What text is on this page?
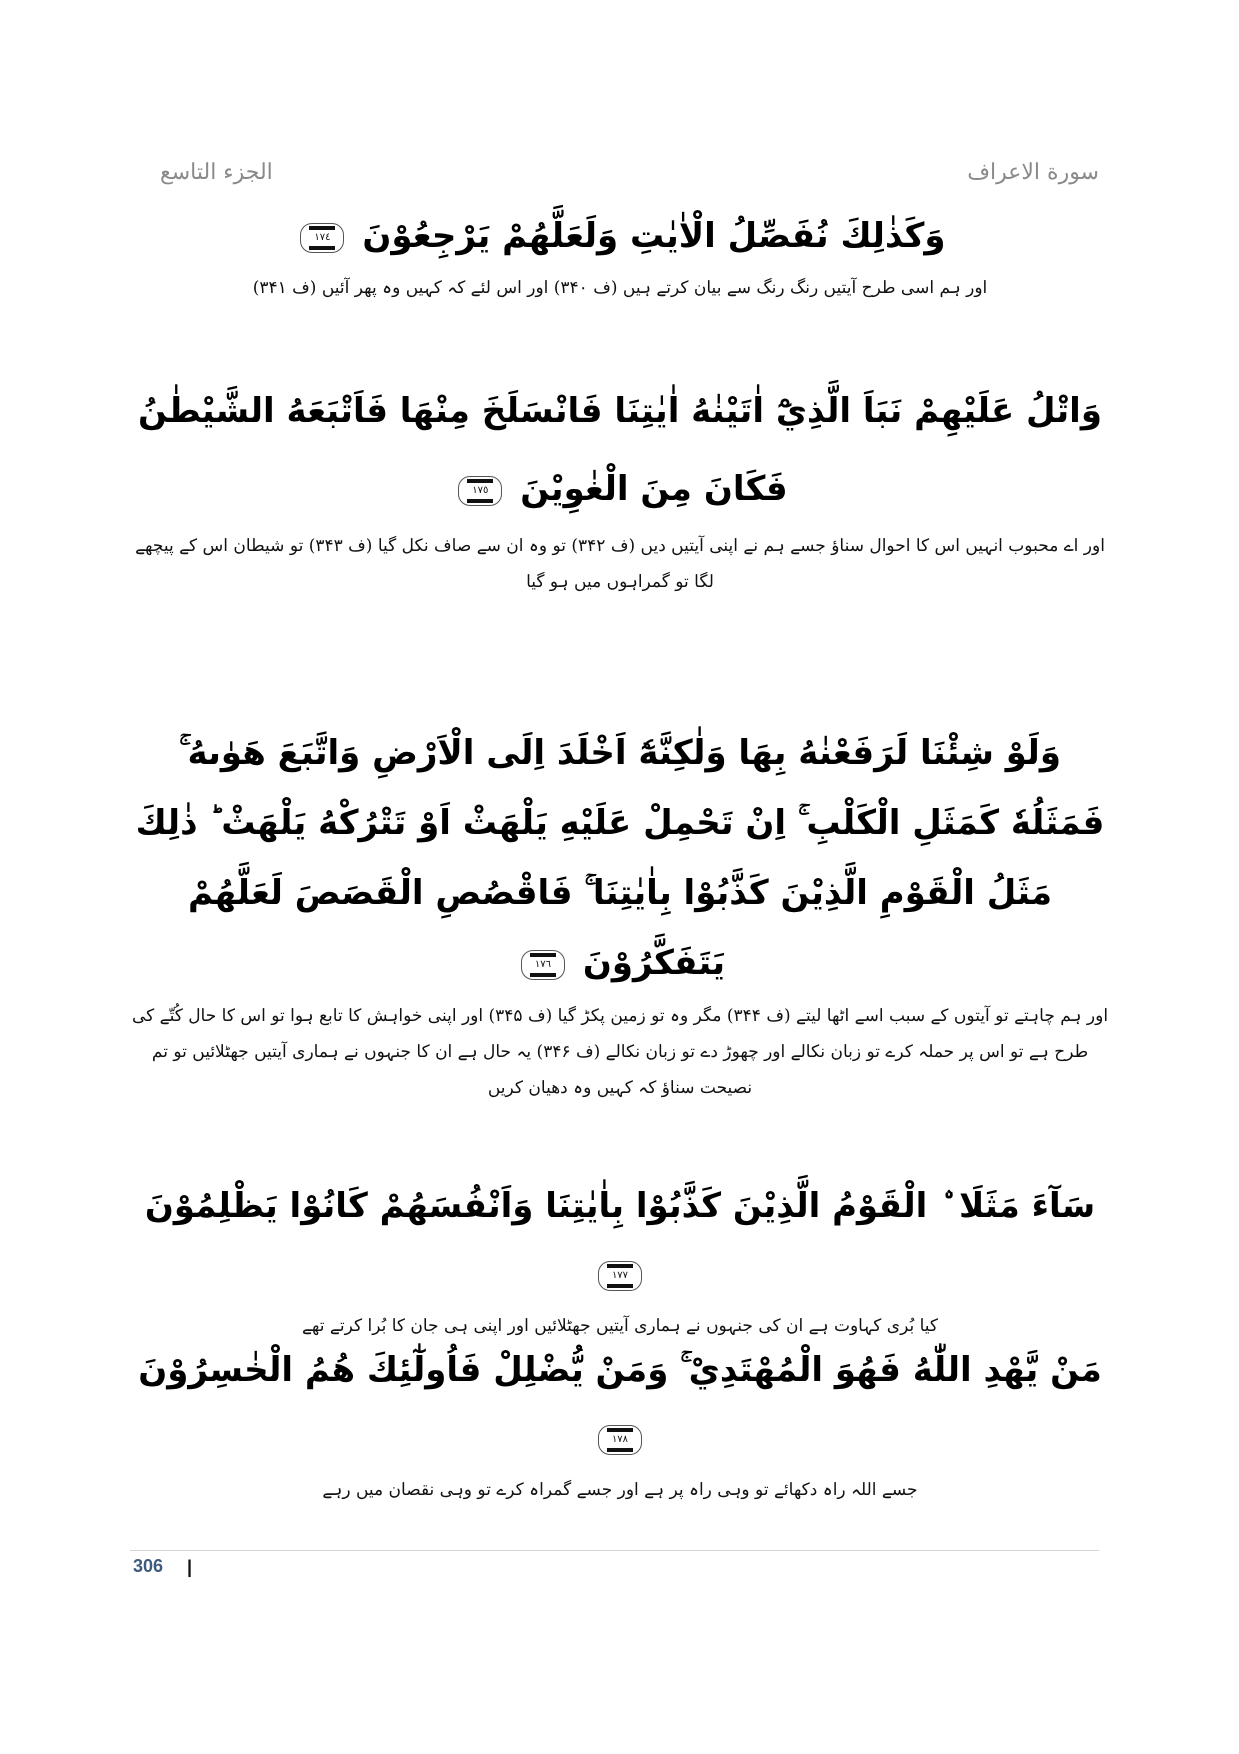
الجزء التاسع	سورة الاعراف
وَكَذٰلِكَ نُفَصِّلُ الْاٰيٰتِ وَلَعَلَّهُمْ يَرْجِعُوْنَ
١٧٤
اور ہم اسی طرح آیتیں رنگ رنگ سے بیان کرتے ہیں (ف ۳۴۰) اور اس لئے کہ کہیں وہ پھر آئیں (ف ۳۴۱)
وَاتْلُ عَلَيْهِمْ نَبَاَ الَّذِيْٓ اٰتَيْنٰهُ اٰيٰتِنَا فَانْسَلَخَ مِنْهَا فَاَتْبَعَهُ الشَّيْطٰنُ فَكَانَ مِنَ الْغٰوِيْنَ
١٧٥
اور اے محبوب انہیں اس کا احوال سناؤ جسے ہم نے اپنی آیتیں دیں (ف ۳۴۲) تو وہ ان سے صاف نکل گیا (ف ۳۴۳) تو شیطان اس کے پیچھے لگا تو گمراہوں میں ہو گیا
وَلَوْ شِئْنَا لَرَفَعْنٰهُ بِهَا وَلٰكِنَّهٗٓ اَخْلَدَ اِلَى الْاَرْضِ وَاتَّبَعَ هَوٰىهُ ۚ فَمَثَلُهٗ كَمَثَلِ الْكَلْبِ ۚ اِنْ تَحْمِلْ عَلَيْهِ يَلْهَثْ اَوْ تَتْرُكْهُ يَلْهَثْ ؕ ذٰلِكَ مَثَلُ الْقَوْمِ الَّذِيْنَ كَذَّبُوْا بِاٰيٰتِنَا ۚ فَاقْصُصِ الْقَصَصَ لَعَلَّهُمْ يَتَفَكَّرُوْنَ
١٧٦
اور ہم چاہتے تو آیتوں کے سبب اسے اٹھا لیتے (ف ۳۴۴) مگر وہ تو زمین پکڑ گیا (ف ۳۴۵) اور اپنی خواہش کا تابع ہوا تو اس کا حال کُتّے کی طرح ہے تو اس پر حملہ کرے تو زبان نکالے اور چھوڑ دے تو زبان نکالے (ف ۳۴۶) یہ حال ہے ان کا جنہوں نے ہماری آیتیں جھٹلائیں تو تم نصیحت سناؤ کہ کہیں وہ دھیان کریں
سَآءَ مَثَلَا ۨ الْقَوْمُ الَّذِيْنَ كَذَّبُوْا بِاٰيٰتِنَا وَاَنْفُسَهُمْ كَانُوْا يَظْلِمُوْنَ
١٧٧
کیا بُری کہاوت ہے ان کی جنہوں نے ہماری آیتیں جھٹلائیں اور اپنی ہی جان کا بُرا کرتے تھے
مَنْ يَّهْدِ اللّٰهُ فَهُوَ الْمُهْتَدِيْ ۚ وَمَنْ يُّضْلِلْ فَاُولٰٓئِكَ هُمُ الْخٰسِرُوْنَ
١٧٨
جسے اللہ راہ دکھائے تو وہی راہ پر ہے اور جسے گمراہ کرے تو وہی نقصان میں رہے
306 |
